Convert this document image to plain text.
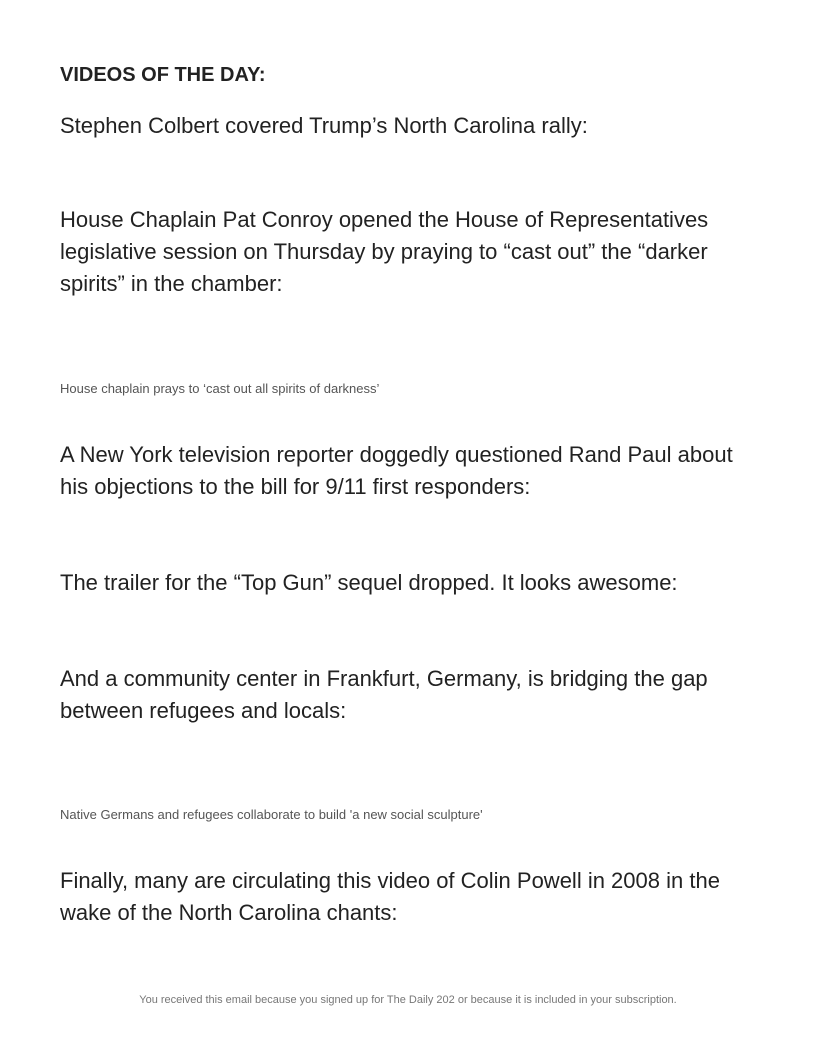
VIDEOS OF THE DAY:

Stephen Colbert covered Trump’s North Carolina rally:

House Chaplain Pat Conroy opened the House of Representatives legislative session on Thursday by praying to “cast out” the “darker spirits” in the chamber:

House chaplain prays to ‘cast out all spirits of darkness’

A New York television reporter doggedly questioned Rand Paul about his objections to the bill for 9/11 first responders:

The trailer for the “Top Gun” sequel dropped. It looks awesome:

And a community center in Frankfurt, Germany, is bridging the gap between refugees and locals:

Native Germans and refugees collaborate to build 'a new social sculpture'

Finally, many are circulating this video of Colin Powell in 2008 in the wake of the North Carolina chants:

You received this email because you signed up for The Daily 202 or because it is included in your subscription.
